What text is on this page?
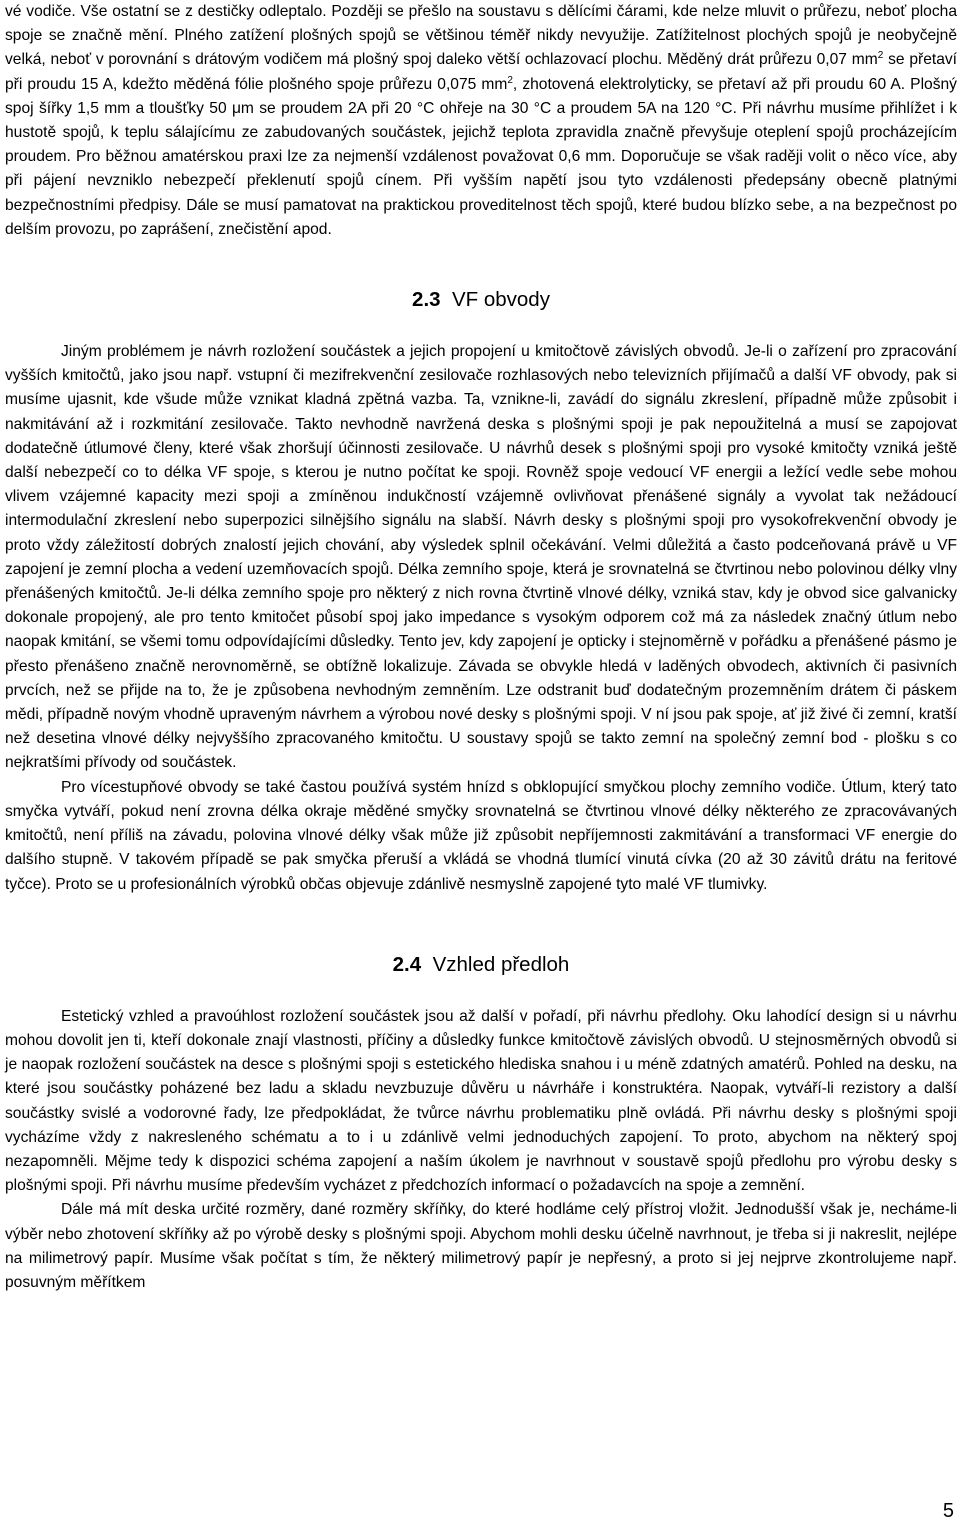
vé vodiče. Vše ostatní se z destičky odleptalo. Později se přešlo na soustavu s dělícími čárami, kde nelze mluvit o průřezu, neboť plocha spoje se značně mění. Plného zatížení plošných spojů se většinou téměř nikdy nevyužije. Zatížitelnost plochých spojů je neobyčejně velká, neboť v porovnání s drátovým vodičem má plošný spoj daleko větší ochlazovací plochu. Měděný drát průřezu 0,07 $mm^2$ se přetaví při proudu 15 A, kdežto měděná fólie plošného spoje průřezu 0,075 $mm^2$, zhotovená elektrolyticky, se přetaví až při proudu 60 A. Plošný spoj šířky 1,5 mm a tloušťky 50 μm se proudem 2A při 20 °C ohřeje na 30 °C a proudem 5A na 120 °C. Při návrhu musíme přihlížet i k hustotě spojů, k teplu sálajícímu ze zabudovaných součástek, jejichž teplota zpravidla značně převyšuje oteplení spojů procházejícím proudem. Pro běžnou amatérskou praxi lze za nejmenší vzdálenost považovat 0,6 mm. Doporučuje se však raději volit o něco více, aby při pájení nevzniklo nebezpečí překlenutí spojů cínem. Při vyšším napětí jsou tyto vzdálenosti předepsány obecně platnými bezpečnostními předpisy. Dále se musí pamatovat na praktickou proveditelnost těch spojů, které budou blízko sebe, a na bezpečnost po delším provozu, po zaprášení, znečistění apod.

2.3 VF obvody

Jiným problémem je návrh rozložení součástek a jejich propojení u kmitočtově závislých obvodů. Je-li o zařízení pro zpracování vyšších kmitočtů, jako jsou např. vstupní či mezifrekvenční zesilovače rozhlasových nebo televizních přijímačů a další VF obvody, pak si musíme ujasnit, kde všude může vznikat kladná zpětná vazba. Ta, vznikne-li, zavádí do signálu zkreslení, případně může způsobit i nakmitávání až i rozkmitání zesilovače. Takto nevhodně navržená deska s plošnými spoji je pak nepoužitelná a musí se zapojovat dodatečně útlumové členy, které však zhoršují účinnosti zesilovače. U návrhů desek s plošnými spoji pro vysoké kmitočty vzniká ještě další nebezpečí co to délka VF spoje, s kterou je nutno počítat ke spoji. Rovněž spoje vedoucí VF energii a ležící vedle sebe mohou vlivem vzájemné kapacity mezi spoji a zmíněnou indukčností vzájemně ovlivňovat přenášené signály a vyvolat tak nežádoucí intermodulační zkreslení nebo superpozici silnějšího signálu na slabší. Návrh desky s plošnými spoji pro vysokofrekvenční obvody je proto vždy záležitostí dobrých znalostí jejich chování, aby výsledek splnil očekávání. Velmi důležitá a často podceňovaná právě u VF zapojení je zemní plocha a vedení uzemňovacích spojů. Délka zemního spoje, která je srovnatelná se čtvrtinou nebo polovinou délky vlny přenášených kmitočtů. Je-li délka zemního spoje pro některý z nich rovna čtvrtině vlnové délky, vzniká stav, kdy je obvod sice galvanicky dokonale propojený, ale pro tento kmitočet působí spoj jako impedance s vysokým odporem což má za následek značný útlum nebo naopak kmitání, se všemi tomu odpovídajícími důsledky. Tento jev, kdy zapojení je opticky i stejnoměrně v pořádku a přenášené pásmo je přesto přenášeno značně nerovnoměrně, se obtížně lokalizuje. Závada se obvykle hledá v laděných obvodech, aktivních či pasivních prvcích, než se přijde na to, že je způsobena nevhodným zemněním. Lze odstranit buď dodatečným prozemněním drátem či páskem mědi, případně novým vhodně upraveným návrhem a výrobou nové desky s plošnými spoji. V ní jsou pak spoje, ať již živé či zemní, kratší než desetina vlnové délky nejvyššího zpracovaného kmitočtu. U soustavy spojů se takto zemní na společný zemní bod - plošku s co nejkratšími přívody od součástek.

Pro vícestupňové obvody se také častou používá systém hnízd s obklopující smyčkou plochy zemního vodiče. Útlum, který tato smyčka vytváří, pokud není zrovna délka okraje měděné smyčky srovnatelná se čtvrtinou vlnové délky některého ze zpracovávaných kmitočtů, není příliš na závadu, polovina vlnové délky však může již způsobit nepříjemnosti zakmitávání a transformaci VF energie do dalšího stupně. V takovém případě se pak smyčka přeruší a vkládá se vhodná tlumící vinutá cívka (20 až 30 závitů drátu na feritové tyčce). Proto se u profesionálních výrobků občas objevuje zdánlivě nesmyslně zapojené tyto malé VF tlumivky.

2.4 Vzhled předloh

Estetický vzhled a pravoúhlost rozložení součástek jsou až další v pořadí, při návrhu předlohy. Oku lahodící design si u návrhu mohou dovolit jen ti, kteří dokonale znají vlastnosti, příčiny a důsledky funkce kmitočtově závislých obvodů. U stejnosměrných obvodů si je naopak rozložení součástek na desce s plošnými spoji s estetického hlediska snahou i u méně zdatných amatérů. Pohled na desku, na které jsou součástky poházené bez ladu a skladu nevzbuzuje důvěru u návrháře i konstruktéra. Naopak, vytváří-li rezistory a další součástky svislé a vodorovné řady, lze předpokládat, že tvůrce návrhu problematiku plně ovládá. Při návrhu desky s plošnými spoji vycházíme vždy z nakresleného schématu a to i u zdánlivě velmi jednoduchých zapojení. To proto, abychom na některý spoj nezapomněli. Mějme tedy k dispozici schéma zapojení a naším úkolem je navrhnout v soustavě spojů předlohu pro výrobu desky s plošnými spoji. Při návrhu musíme především vycházet z předchozích informací o požadavcích na spoje a zemnění.

Dále má mít deska určité rozměry, dané rozměry skříňky, do které hodláme celý přístroj vložit. Jednodušší však je, necháme-li výběr nebo zhotovení skříňky až po výrobě desky s plošnými spoji. Abychom mohli desku účelně navrhnout, je třeba si ji nakreslit, nejlépe na milimetrový papír. Musíme však počítat s tím, že některý milimetrový papír je nepřesný, a proto si jej nejprve zkontrolujeme např. posuvným měřítkem

5
